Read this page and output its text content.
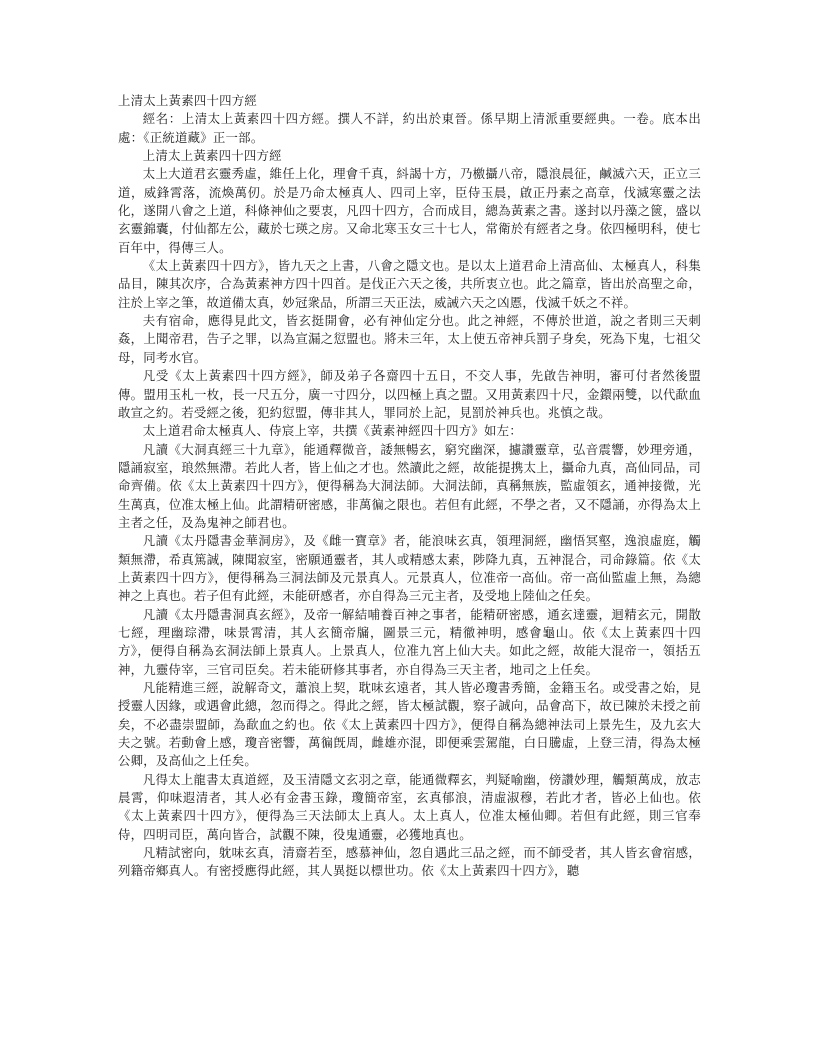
上清太上黃素四十四方經
經名：上清太上黃素四十四方經。撰人不詳，約出於東晉。係早期上清派重要經典。一卷。底本出處：《正統道藏》正一部。
上清太上黃素四十四方經
太上大道君玄靈秀虛，維任上化，理會千真，紏謁十方，乃檄攝八帝，隱浪晨征，鹹滅六天，正立三道，威鋒霄落，流煥萬仞。於是乃命太極真人、四司上宰，臣侍玉晨，啟正丹素之高章，伐滅寒靈之法化，遂開八會之上道，科條神仙之要衷，凡四十四方，合而成目，總為黃素之書。遂封以丹藻之篋，盛以玄靈錦囊，付仙都左公，藏於七瑛之房。又命北寒玉女三十七人，常衛於有經者之身。依四極明科，使七百年中，得傳三人。
《太上黃素四十四方》，皆九天之上書，八會之隱文也。是以太上道君命上清高仙、太極真人，科集品目，陳其次序，合為黃素神方四十四首。是伐正六天之後，共所衷立也。此之篇章，皆出於高聖之命，注於上宰之筆，故道備太真，妙冠衆品，所謂三天正法，威誡六天之凶慝，伐滅千妖之不祥。
夫有宿命，應得見此文，皆玄挺開會，必有神仙定分也。此之神經，不傳於世道，說之者則三天刺姦，上聞帝君，告子之罪，以為宣漏之愆盟也。將未三年，太上使五帝神兵罰子身矣，死為下鬼，七祖父母，同考水官。
凡受《太上黃素四十四方經》，師及弟子各齋四十五日，不交人事，先啟告神明，審可付者然後盟傳。盟用玉札一枚，長一尺五分，廣一寸四分，以四極上真之盟。又用黃素四十尺，金鐶兩雙，以代歃血敢宣之約。若受經之後，犯約愆盟，傳非其人，罪同於上記，見罰於神兵也。兆慎之哉。
太上道君命太極真人、侍宸上宰，共撰《黃素神經四十四方》如左：
凡讀《大洞真經三十九章》，能通釋微音，諉無暢玄，窮究幽深，攄讚靈章，弘音震響，妙理旁通，隱誦寂室，琅然無滯。若此人者，皆上仙之才也。然讀此之經，故能提携太上，攝命九真，高仙同品，司命齊備。依《太上黃素四十四方》，便得稱為大洞法師。大洞法師，真稱無族，監虛領玄，通神接微，光生萬真，位准太極上仙。此謂精研密感，非萬徧之限也。若但有此經，不學之者，又不隱誦，亦得為太上主者之任，及為鬼神之師君也。
凡讀《太丹隱書金華洞房》，及《雌一寶章》者，能浪味玄真，領理洞經，幽悟冥壑，逸浪虛庭，觸類無滯，希真篤誠，陳聞寂室，密願通靈者，其人或精感太素，陟降九真，五神混合，司命錄篇。依《太上黃素四十四方》，便得稱為三洞法師及元景真人。元景真人，位准帝一高仙。帝一高仙監虛上無，為總神之上真也。若子但有此經，未能研感者，亦自得為三元主者，及受地上陸仙之任矣。
凡讀《太丹隱書洞真玄經》，及帝一解結哺養百神之事者，能精研密感，通玄達靈，迴精玄元，開散七經，理幽琮滯，味景霄清，其人玄簡帝牖，圖景三元，精徹神明，感會龜山。依《太上黃素四十四方》，便得自稱為玄洞法師上景真人。上景真人，位准九宮上仙大夫。如此之經，故能大混帝一，領括五神，九靈侍宰，三官司臣矣。若未能研修其事者，亦自得為三天主者，地司之上任矣。
凡能精進三經，說解奇文，蕭浪上契，耽味玄遠者，其人皆必瓊書秀簡，金籍玉名。或受書之始，見授靈人因緣，或遇會此總，忽而得之。得此之經，皆太極試觀，察子誠向，品會高下，故已陳於未授之前矣，不必盡崇盟師，為歃血之約也。依《太上黃素四十四方》，便得自稱為總神法司上景先生，及九玄大夫之號。若動會上感，瓊音密響，萬徧旣周，雌雄亦混，即便乘雲駕龍，白日騰虛，上登三清，得為太極公卿，及高仙之上任矣。
凡得太上龍書太真道經，及玉清隱文玄羽之章，能通微釋玄，判疑喻幽，傍讚妙理，觸類萬成，放志晨霄，仰味遐清者，其人必有金書玉錄，瓊簡帝室，玄真郁浪，清虛淑穆，若此才者，皆必上仙也。依《太上黃素四十四方》，便得為三天法師太上真人。太上真人，位准太極仙卿。若但有此經，則三官奉侍，四明司臣，萬向皆合，試觀不陳，役鬼通靈，必獲地真也。
凡精試密向，躭味玄真，清齋若至，感慕神仙，忽自遇此三品之經，而不師受者，其人皆玄會宿感，列籍帝鄉真人。有密授應得此經，其人異挺以標世功。依《太上黃素四十四方》，聽
